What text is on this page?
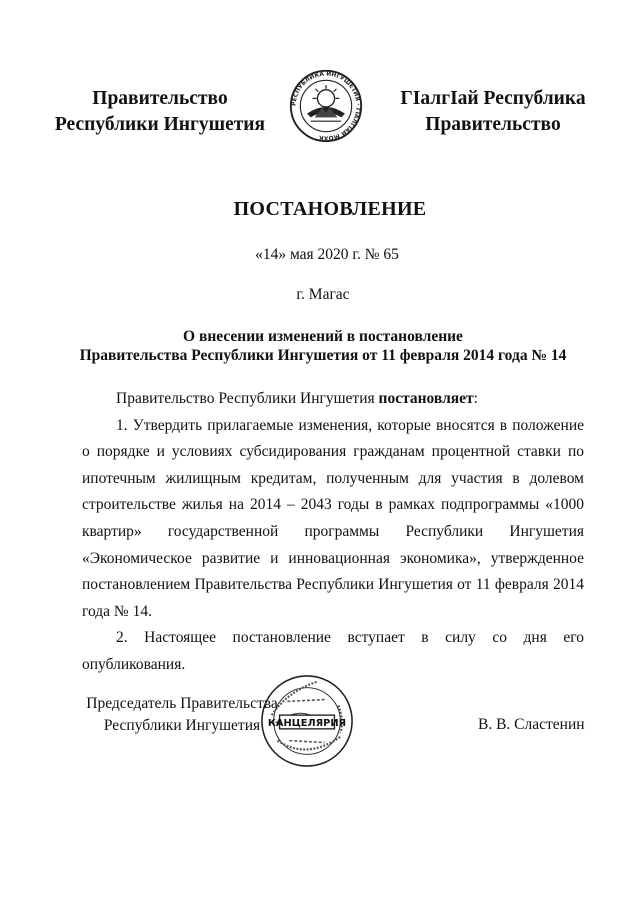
Правительство
Республики Ингушетия
РЕСПУБЛИКА ИНГУШЕТИЯ · ГIАЛГIАЙ МОХК
ГIалгIай Республика
Правительство
ПОСТАНОВЛЕНИЕ
«14» мая 2020 г. № 65
г. Магас
О внесении изменений в постановление
Правительства Республики Ингушетия от 11 февраля 2014 года № 14

Правительство Республики Ингушетия постановляет:

1. Утвердить прилагаемые изменения, которые вносятся в положение о порядке и условиях субсидирования гражданам процентной ставки по ипотечным жилищным кредитам, полученным для участия в долевом строительстве жилья на 2014 – 2043 годы в рамках подпрограммы «1000 квартир» государственной программы Республики Ингушетия «Экономическое развитие и инновационная экономика», утвержденное постановлением Правительства Республики Ингушетия от 11 февраля 2014 года № 14.

2. Настоящее постановление вступает в силу со дня его опубликования.

Председатель Правительства
Республики Ингушетия КАНЦЕЛЯРИЯ	В. В. Сластенин
